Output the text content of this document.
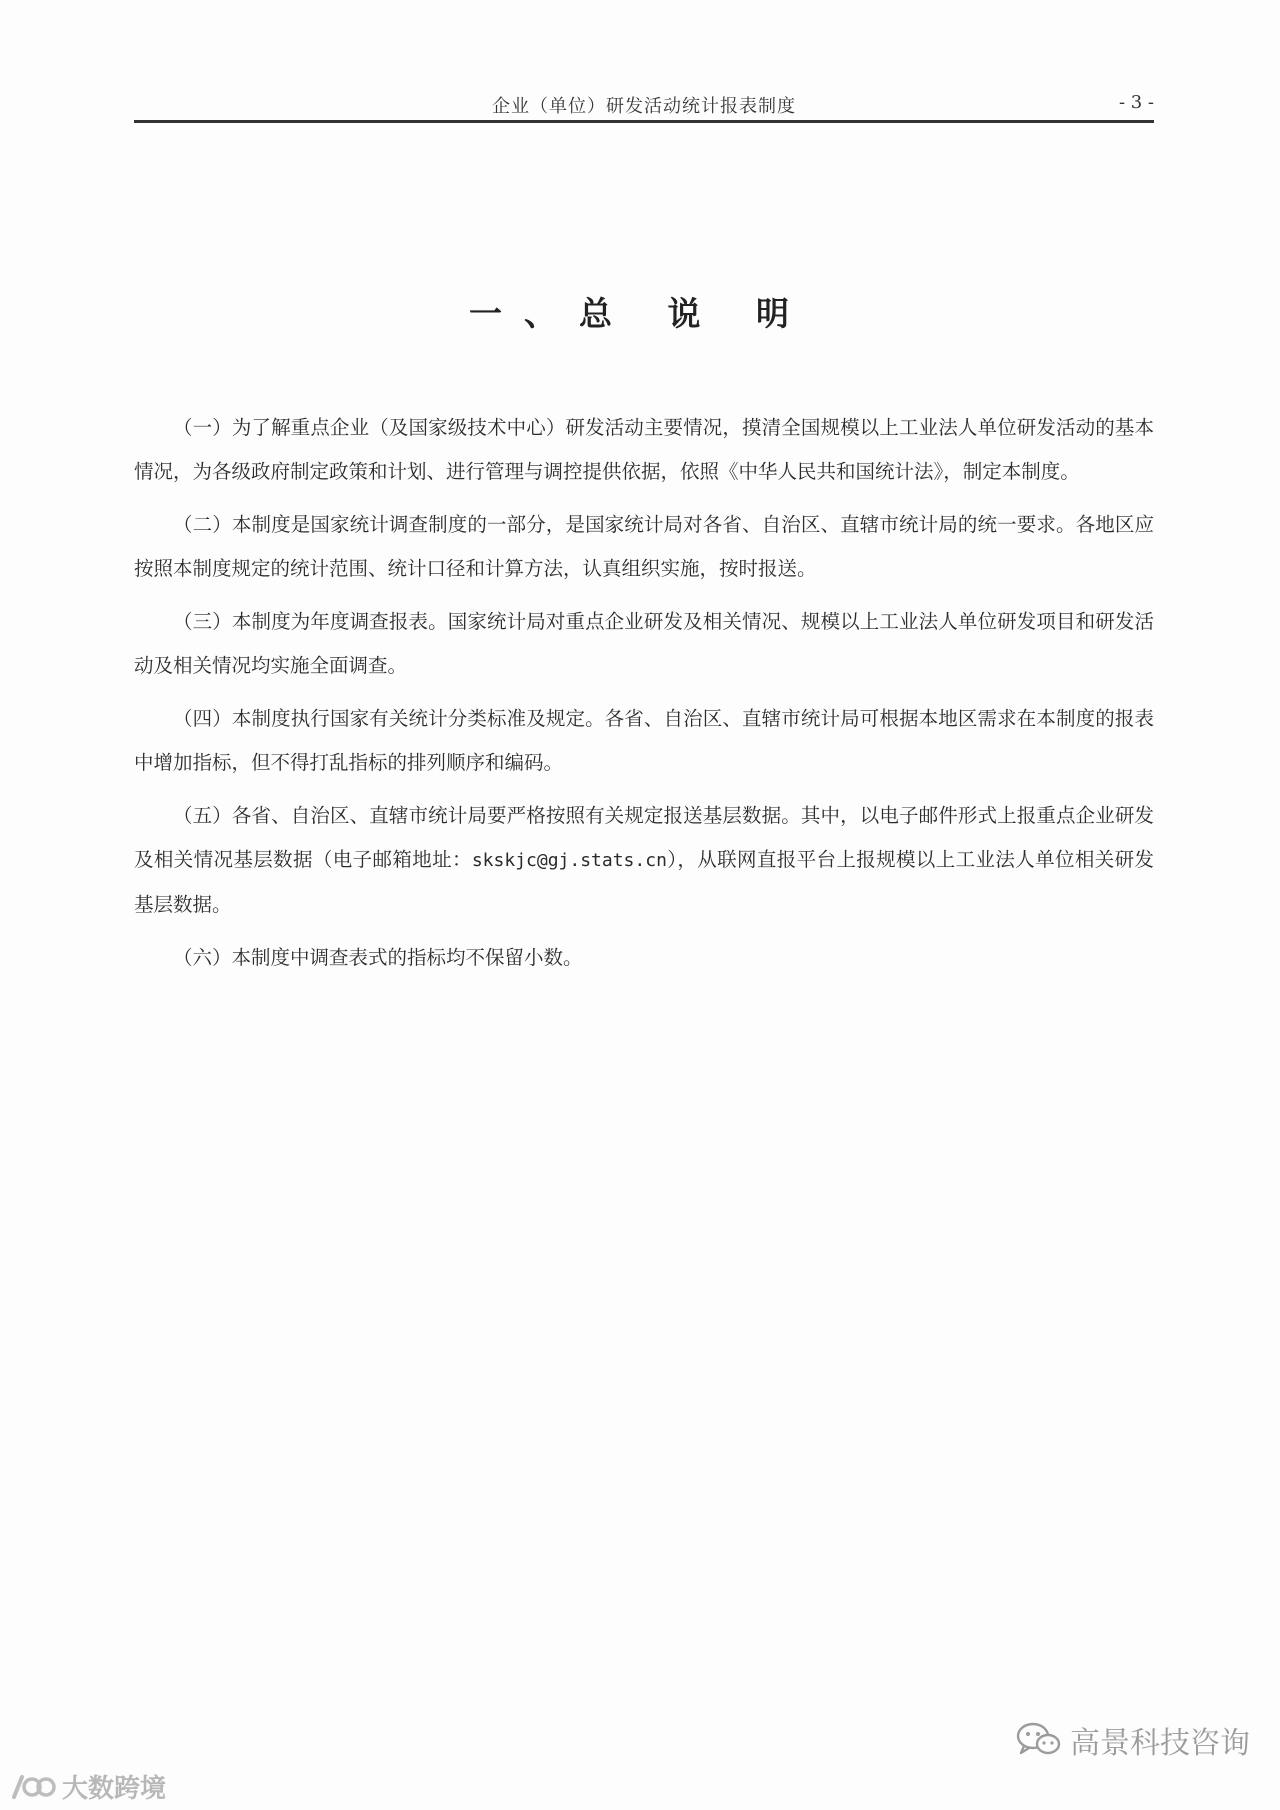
企业（单位）研发活动统计报表制度	- 3 -
一、总 说 明

（一）为了解重点企业（及国家级技术中心）研发活动主要情况，摸清全国规模以上工业法人单位研发活动的基本情况，为各级政府制定政策和计划、进行管理与调控提供依据，依照《中华人民共和国统计法》，制定本制度。

（二）本制度是国家统计调查制度的一部分，是国家统计局对各省、自治区、直辖市统计局的统一要求。各地区应按照本制度规定的统计范围、统计口径和计算方法，认真组织实施，按时报送。

（三）本制度为年度调查报表。国家统计局对重点企业研发及相关情况、规模以上工业法人单位研发项目和研发活动及相关情况均实施全面调查。

（四）本制度执行国家有关统计分类标准及规定。各省、自治区、直辖市统计局可根据本地区需求在本制度的报表中增加指标，但不得打乱指标的排列顺序和编码。

（五）各省、自治区、直辖市统计局要严格按照有关规定报送基层数据。其中，以电子邮件形式上报重点企业研发及相关情况基层数据（电子邮箱地址：skskjc@gj.stats.cn），从联网直报平台上报规模以上工业法人单位相关研发基层数据。

（六）本制度中调查表式的指标均不保留小数。

高景科技咨询
大数跨境
